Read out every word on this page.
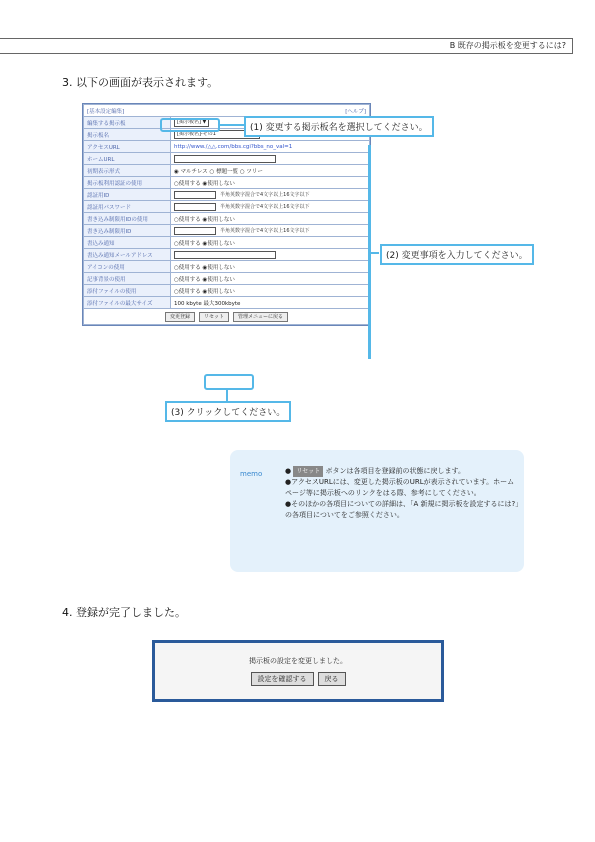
B 既存の掲示板を変更するには?
3. 以下の画面が表示されます。
[基本設定編集] [ヘルプ]	

編集する掲示板	[掲示板名] ▼
掲示板名	[掲示板名]-その1
アクセスURL	http://www./△△.com/bbs.cgi?bbs_no_val=1
ホームURL	
初期表示形式	◉ マルチレス ○ 標題一覧 ○ ツリー
掲示板利用認証の使用	○使用する ◉使用しない
認証用ID	半角英数字混合で4文字以上16文字以下
認証用パスワード	半角英数字混合で4文字以上16文字以下
書き込み制限用IDの使用	○使用する ◉使用しない
書き込み制限用ID	半角英数字混合で4文字以上16文字以下
書込み通知	○使用する ◉使用しない
書込み通知メールアドレス	
アイコンの使用	○使用する ◉使用しない
記事背景の使用	○使用する ◉使用しない
添付ファイルの使用	○使用する ◉使用しない
添付ファイルの最大サイズ	100 kbyte 最大300kbyte
変更登録 リセット 管理メニューに戻る	
(1) 変更する掲示板名を選択してください。
(2) 変更事項を入力してください。
(3) クリックしてください。
memo	● リセット ボタンは各項目を登録前の状態に戻します。
●アクセスURLには、変更した掲示板のURLが表示されています。ホームページ等に掲示板へのリンクをはる際、参考にしてください。
●そのほかの各項目についての詳細は、「A 新規に掲示板を設定するには?」の各項目についてをご参照ください。
4. 登録が完了しました。
掲示板の設定を変更しました。
設定を確認する	戻る
